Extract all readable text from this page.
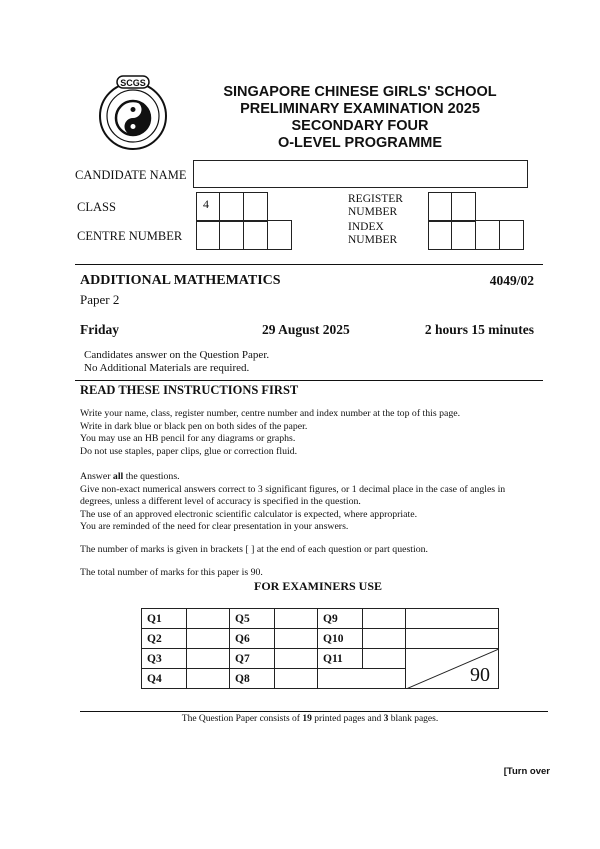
SCGS
SINGAPORE CHINESE GIRLS' SCHOOL
PRELIMINARY EXAMINATION 2025
SECONDARY FOUR
O-LEVEL PROGRAMME
CANDIDATE NAME
CLASS	4
CENTRE NUMBER
REGISTER
NUMBER
INDEX
NUMBER
ADDITIONAL MATHEMATICS	4049/02
Paper 2
Friday	29 August 2025	2 hours 15 minutes
Candidates answer on the Question Paper.
No Additional Materials are required.
READ THESE INSTRUCTIONS FIRST

Write your name, class, register number, centre number and index number at the top of this page.

Write in dark blue or black pen on both sides of the paper.

You may use an HB pencil for any diagrams or graphs.

Do not use staples, paper clips, glue or correction fluid.

Answer all the questions.

Give non-exact numerical answers correct to 3 significant figures, or 1 decimal place in the case of angles in

degrees, unless a different level of accuracy is specified in the question.

The use of an approved electronic scientific calculator is expected, where appropriate.

You are reminded of the need for clear presentation in your answers.

The number of marks is given in brackets [ ] at the end of each question or part question.
The total number of marks for this paper is 90.
FOR EXAMINERS USE
Q1		Q5		Q9		
Q2		Q6		Q10		
Q3		Q7		Q11		90

Q4		Q8				
The Question Paper consists of 19 printed pages and 3 blank pages.
[Turn over
